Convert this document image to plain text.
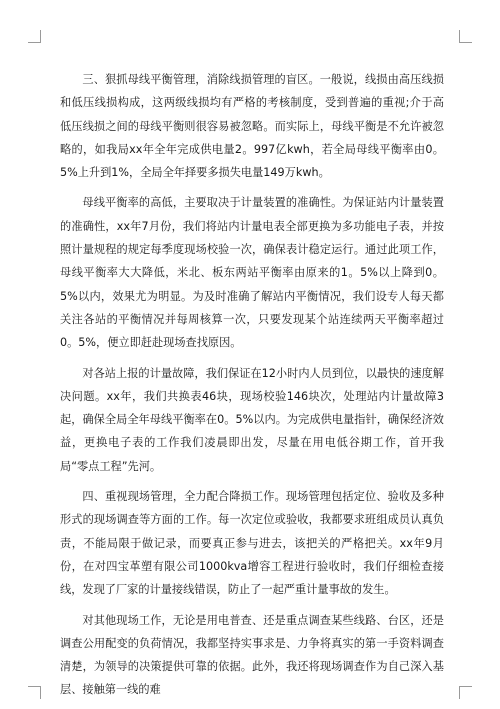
三、狠抓母线平衡管理，消除线损管理的盲区。一般说，线损由高压线损和低压线损构成，这两级线损均有严格的考核制度，受到普遍的重视;介于高低压线损之间的母线平衡则很容易被忽略。而实际上，母线平衡是不允许被忽略的，如我局xx年全年完成供电量2。997亿kwh，若全局母线平衡率由0。5%上升到1%，全局全年择要多损失电量149万kwh。

母线平衡率的高低，主要取决于计量装置的准确性。为保证站内计量装置的准确性，xx年7月份，我们将站内计量电表全部更换为多功能电子表，并按照计量规程的规定每季度现场校验一次，确保表计稳定运行。通过此项工作，母线平衡率大大降低，米北、板东两站平衡率由原来的1。5%以上降到0。5%以内，效果尤为明显。为及时准确了解站内平衡情况，我们设专人每天都关注各站的平衡情况并每周核算一次，只要发现某个站连续两天平衡率超过0。5%，便立即赶赴现场查找原因。

对各站上报的计量故障，我们保证在12小时内人员到位，以最快的速度解决问题。xx年，我们共换表46块，现场校验146块次，处理站内计量故障3起，确保全局全年母线平衡率在0。5%以内。为完成供电量指针，确保经济效益，更换电子表的工作我们凌晨即出发，尽量在用电低谷期工作，首开我局“零点工程”先河。

四、重视现场管理，全力配合降损工作。现场管理包括定位、验收及多种形式的现场调查等方面的工作。每一次定位或验收，我都要求班组成员认真负责，不能局限于做记录，而要真正参与进去，该把关的严格把关。xx年9月份，在对四宝革塑有限公司1000kva增容工程进行验收时，我们仔细检查接线，发现了厂家的计量接线错误，防止了一起严重计量事故的发生。

对其他现场工作，无论是用电普查、还是重点调查某些线路、台区，还是调查公用配变的负荷情况，我都坚持实事求是、力争将真实的第一手资料调查清楚，为领导的决策提供可靠的依据。此外，我还将现场调查作为自己深入基层、接触第一线的难
